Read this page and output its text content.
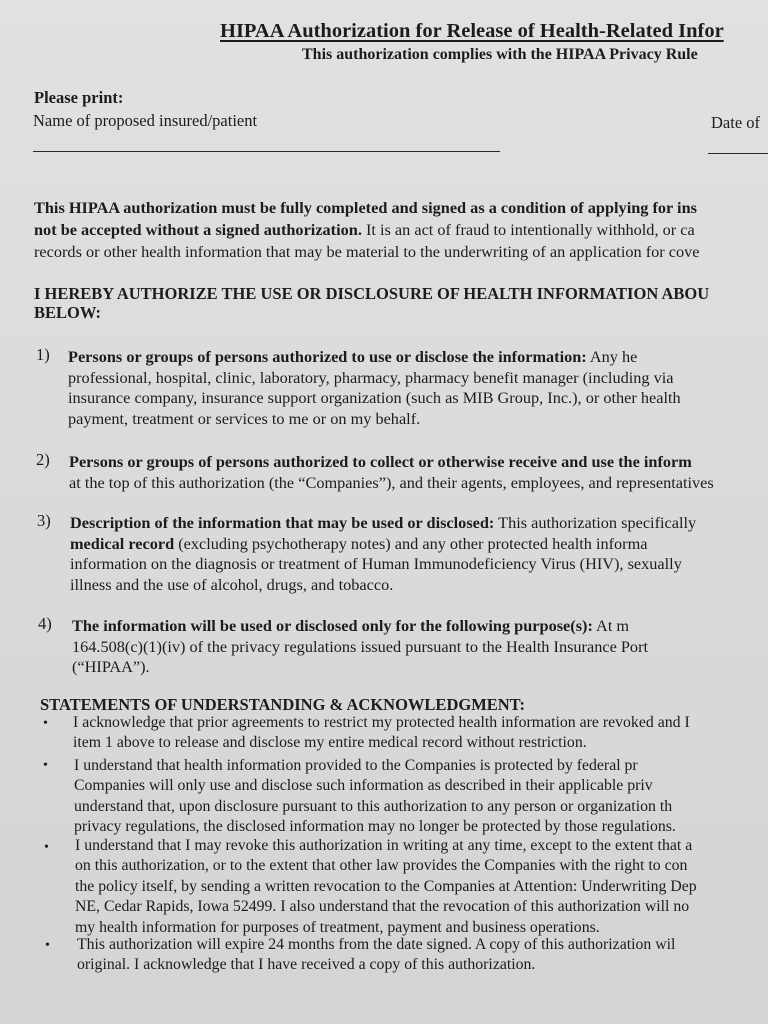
HIPAA Authorization for Release of Health-Related Infor
This authorization complies with the HIPAA Privacy Rule
Please print:
Name of proposed insured/patient	Date of
This HIPAA authorization must be fully completed and signed as a condition of applying for ins
not be accepted without a signed authorization. It is an act of fraud to intentionally withhold, or ca
records or other health information that may be material to the underwriting of an application for cove
I HEREBY AUTHORIZE THE USE OR DISCLOSURE OF HEALTH INFORMATION ABOU
BELOW:
1) Persons or groups of persons authorized to use or disclose the information: Any he
professional, hospital, clinic, laboratory, pharmacy, pharmacy benefit manager (including via
insurance company, insurance support organization (such as MIB Group, Inc.), or other health
payment, treatment or services to me or on my behalf.
2) Persons or groups of persons authorized to collect or otherwise receive and use the inform
at the top of this authorization (the “Companies”), and their agents, employees, and representatives
3) Description of the information that may be used or disclosed: This authorization specifically
medical record (excluding psychotherapy notes) and any other protected health informa
information on the diagnosis or treatment of Human Immunodeficiency Virus (HIV), sexually
illness and the use of alcohol, drugs, and tobacco.
4) The information will be used or disclosed only for the following purpose(s): At m
164.508(c)(1)(iv) of the privacy regulations issued pursuant to the Health Insurance Port
(“HIPAA”).
STATEMENTS OF UNDERSTANDING & ACKNOWLEDGMENT:
• I acknowledge that prior agreements to restrict my protected health information are revoked and I
item 1 above to release and disclose my entire medical record without restriction.
• I understand that health information provided to the Companies is protected by federal pr
Companies will only use and disclose such information as described in their applicable priv
understand that, upon disclosure pursuant to this authorization to any person or organization th
privacy regulations, the disclosed information may no longer be protected by those regulations.
• I understand that I may revoke this authorization in writing at any time, except to the extent that a
on this authorization, or to the extent that other law provides the Companies with the right to con
the policy itself, by sending a written revocation to the Companies at Attention: Underwriting Dep
NE, Cedar Rapids, Iowa 52499. I also understand that the revocation of this authorization will no
my health information for purposes of treatment, payment and business operations.
• This authorization will expire 24 months from the date signed. A copy of this authorization wil
original. I acknowledge that I have received a copy of this authorization.
